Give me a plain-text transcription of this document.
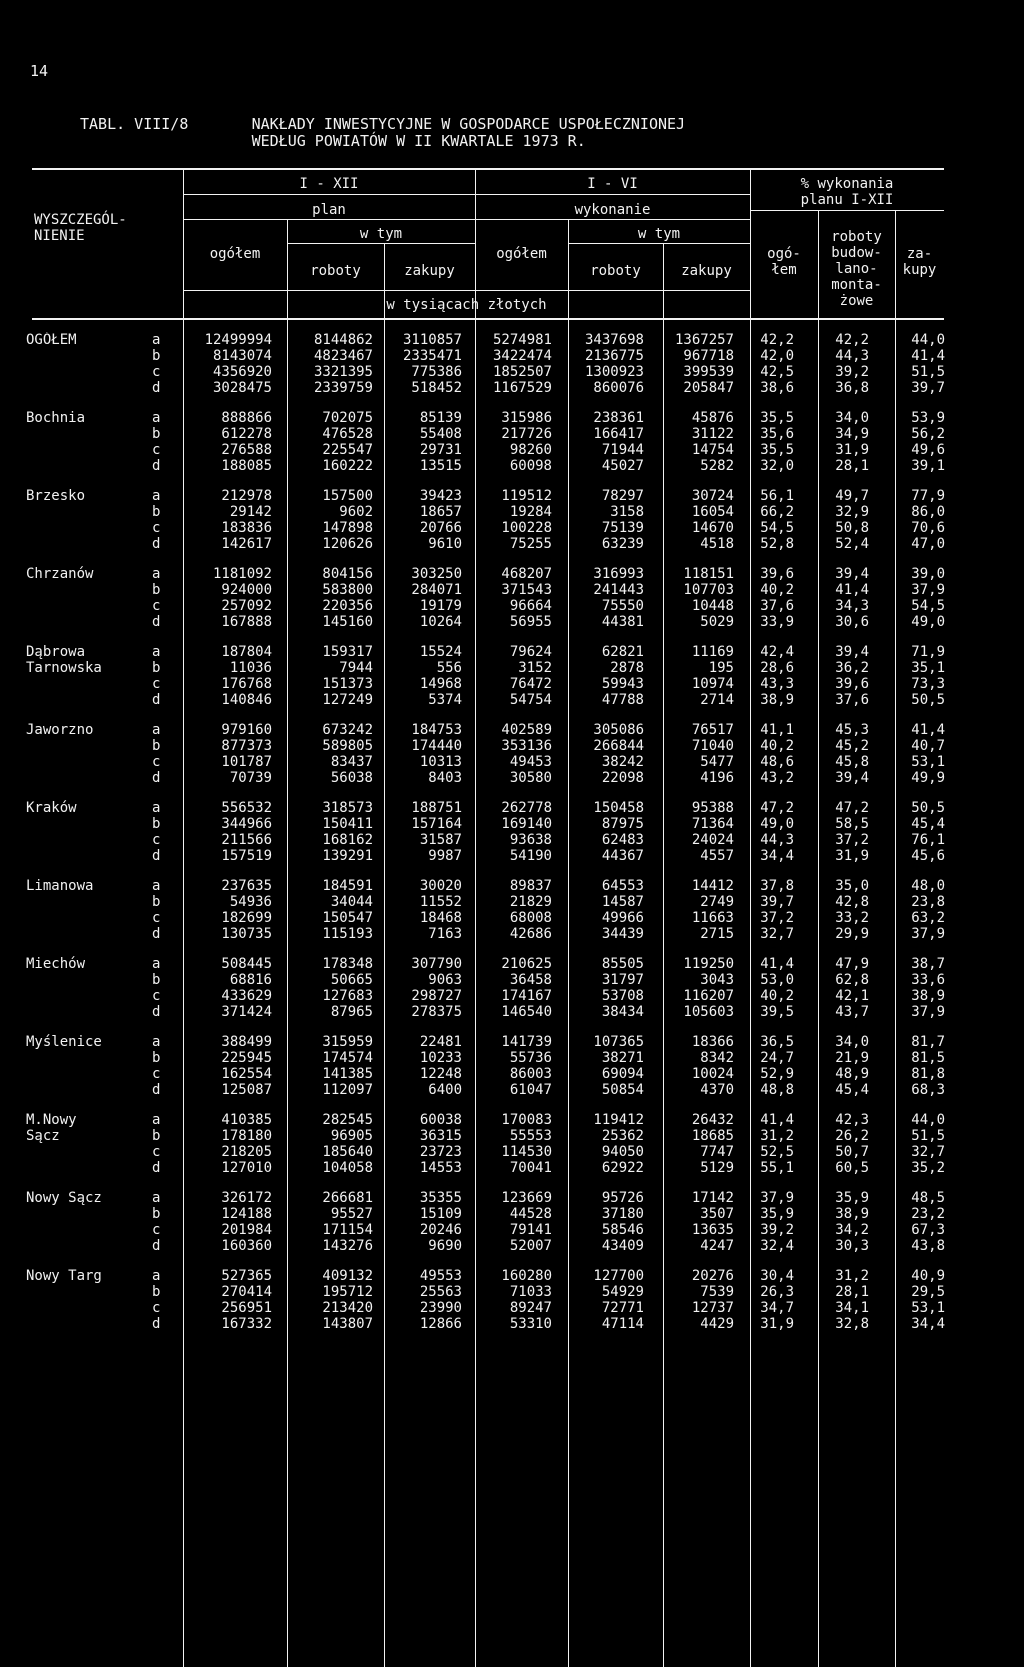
14
TABL. VIII/8       NAKŁADY INWESTYCYJNE W GOSPODARCE USPOŁECZNIONEJ
WEDŁUG POWIATÓW W II KWARTALE 1973 R.
WYSZCZEGÓL-
NIENIE
I - XII
plan
I - VI
wykonanie
% wykonania
planu I-XII
w tym	w tym
ogółem	ogółem
roboty	zakupy	roboty	zakupy
ogó-
łem
roboty
budow-
lano-
monta-
żowe
za-
kupy
w tysiącach złotych
OGÓŁEM	a	12499994	8144862	3110857	5274981	3437698	1367257	42,2	42,2	44,0
	b	8143074	4823467	2335471	3422474	2136775	967718	42,0	44,3	41,4
	c	4356920	3321395	775386	1852507	1300923	399539	42,5	39,2	51,5
	d	3028475	2339759	518452	1167529	860076	205847	38,6	36,8	39,7

Bochnia	a	888866	702075	85139	315986	238361	45876	35,5	34,0	53,9
	b	612278	476528	55408	217726	166417	31122	35,6	34,9	56,2
	c	276588	225547	29731	98260	71944	14754	35,5	31,9	49,6
	d	188085	160222	13515	60098	45027	5282	32,0	28,1	39,1

Brzesko	a	212978	157500	39423	119512	78297	30724	56,1	49,7	77,9
	b	29142	9602	18657	19284	3158	16054	66,2	32,9	86,0
	c	183836	147898	20766	100228	75139	14670	54,5	50,8	70,6
	d	142617	120626	9610	75255	63239	4518	52,8	52,4	47,0

Chrzanów	a	1181092	804156	303250	468207	316993	118151	39,6	39,4	39,0
	b	924000	583800	284071	371543	241443	107703	40,2	41,4	37,9
	c	257092	220356	19179	96664	75550	10448	37,6	34,3	54,5
	d	167888	145160	10264	56955	44381	5029	33,9	30,6	49,0

Dąbrowa	a	187804	159317	15524	79624	62821	11169	42,4	39,4	71,9
Tarnowska	b	11036	7944	556	3152	2878	195	28,6	36,2	35,1
	c	176768	151373	14968	76472	59943	10974	43,3	39,6	73,3
	d	140846	127249	5374	54754	47788	2714	38,9	37,6	50,5

Jaworzno	a	979160	673242	184753	402589	305086	76517	41,1	45,3	41,4
	b	877373	589805	174440	353136	266844	71040	40,2	45,2	40,7
	c	101787	83437	10313	49453	38242	5477	48,6	45,8	53,1
	d	70739	56038	8403	30580	22098	4196	43,2	39,4	49,9

Kraków	a	556532	318573	188751	262778	150458	95388	47,2	47,2	50,5
	b	344966	150411	157164	169140	87975	71364	49,0	58,5	45,4
	c	211566	168162	31587	93638	62483	24024	44,3	37,2	76,1
	d	157519	139291	9987	54190	44367	4557	34,4	31,9	45,6

Limanowa	a	237635	184591	30020	89837	64553	14412	37,8	35,0	48,0
	b	54936	34044	11552	21829	14587	2749	39,7	42,8	23,8
	c	182699	150547	18468	68008	49966	11663	37,2	33,2	63,2
	d	130735	115193	7163	42686	34439	2715	32,7	29,9	37,9

Miechów	a	508445	178348	307790	210625	85505	119250	41,4	47,9	38,7
	b	68816	50665	9063	36458	31797	3043	53,0	62,8	33,6
	c	433629	127683	298727	174167	53708	116207	40,2	42,1	38,9
	d	371424	87965	278375	146540	38434	105603	39,5	43,7	37,9

Myślenice	a	388499	315959	22481	141739	107365	18366	36,5	34,0	81,7
	b	225945	174574	10233	55736	38271	8342	24,7	21,9	81,5
	c	162554	141385	12248	86003	69094	10024	52,9	48,9	81,8
	d	125087	112097	6400	61047	50854	4370	48,8	45,4	68,3

M.Nowy	a	410385	282545	60038	170083	119412	26432	41,4	42,3	44,0
Sącz	b	178180	96905	36315	55553	25362	18685	31,2	26,2	51,5
	c	218205	185640	23723	114530	94050	7747	52,5	50,7	32,7
	d	127010	104058	14553	70041	62922	5129	55,1	60,5	35,2

Nowy Sącz	a	326172	266681	35355	123669	95726	17142	37,9	35,9	48,5
	b	124188	95527	15109	44528	37180	3507	35,9	38,9	23,2
	c	201984	171154	20246	79141	58546	13635	39,2	34,2	67,3
	d	160360	143276	9690	52007	43409	4247	32,4	30,3	43,8

Nowy Targ	a	527365	409132	49553	160280	127700	20276	30,4	31,2	40,9
	b	270414	195712	25563	71033	54929	7539	26,3	28,1	29,5
	c	256951	213420	23990	89247	72771	12737	34,7	34,1	53,1
	d	167332	143807	12866	53310	47114	4429	31,9	32,8	34,4
